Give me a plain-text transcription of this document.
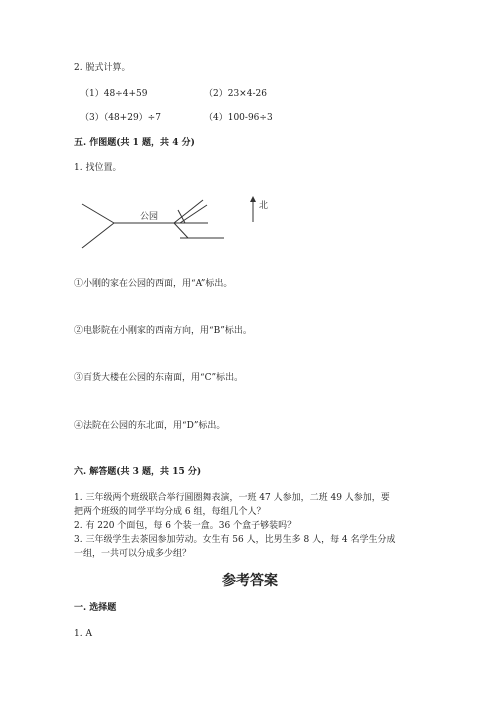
2. 脱式计算。
（1）48÷4+59	（2）23×4-26
（3）（48+29）÷7	（4）100-96÷3
五. 作图题(共 1 题，共 4 分)
1. 找位置。
公园
北
①小刚的家在公园的西面，用“A”标出。
②电影院在小刚家的西南方向，用“B”标出。
③百货大楼在公园的东南面，用“C”标出。
④法院在公园的东北面，用“D”标出。
六. 解答题(共 3 题，共 15 分)
1. 三年级两个班级联合举行圆圈舞表演，一班 47 人参加，二班 49 人参加，要
把两个班级的同学平均分成 6 组，每组几个人？
2. 有 220 个面包，每 6 个装一盒。36 个盒子够装吗？
3. 三年级学生去茶园参加劳动。女生有 56 人，比男生多 8 人，每 4 名学生分成
一组，一共可以分成多少组？
参考答案
一. 选择题
1. A
